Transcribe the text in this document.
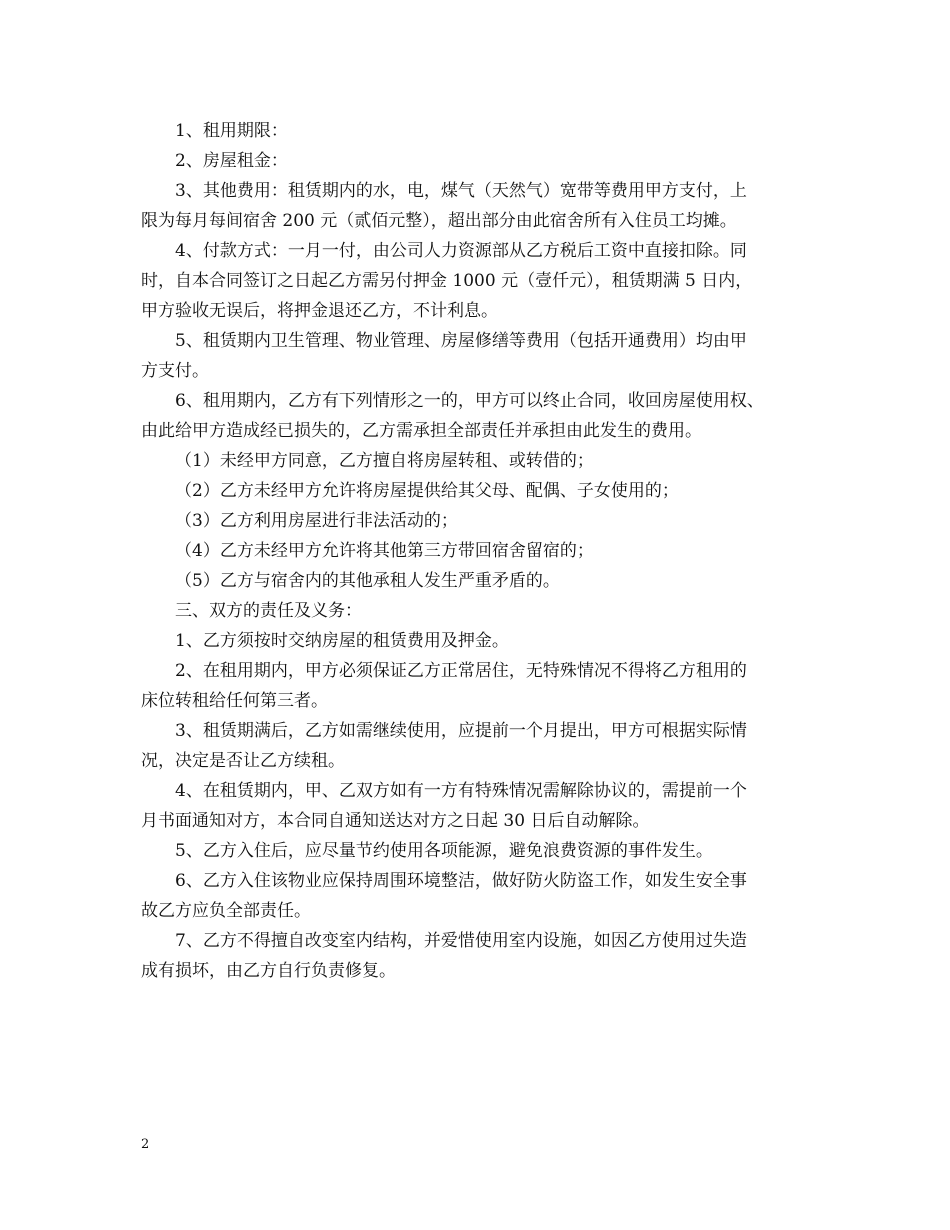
1、租用期限：
2、房屋租金：
3、其他费用：租赁期内的水，电，煤气（天然气）宽带等费用甲方支付，上
限为每月每间宿舍 200 元（贰佰元整），超出部分由此宿舍所有入住员工均摊。
4、付款方式：一月一付，由公司人力资源部从乙方税后工资中直接扣除。同
时，自本合同签订之日起乙方需另付押金 1000 元（壹仟元），租赁期满 5 日内，
甲方验收无误后，将押金退还乙方，不计利息。
5、租赁期内卫生管理、物业管理、房屋修缮等费用（包括开通费用）均由甲
方支付。
6、租用期内，乙方有下列情形之一的，甲方可以终止合同，收回房屋使用权、
由此给甲方造成经已损失的，乙方需承担全部责任并承担由此发生的费用。
（1）未经甲方同意，乙方擅自将房屋转租、或转借的；
（2）乙方未经甲方允许将房屋提供给其父母、配偶、子女使用的；
（3）乙方利用房屋进行非法活动的；
（4）乙方未经甲方允许将其他第三方带回宿舍留宿的；
（5）乙方与宿舍内的其他承租人发生严重矛盾的。
三、双方的责任及义务：
1、乙方须按时交纳房屋的租赁费用及押金。
2、在租用期内，甲方必须保证乙方正常居住，无特殊情况不得将乙方租用的
床位转租给任何第三者。
3、租赁期满后，乙方如需继续使用，应提前一个月提出，甲方可根据实际情
况，决定是否让乙方续租。
4、在租赁期内，甲、乙双方如有一方有特殊情况需解除协议的，需提前一个
月书面通知对方，本合同自通知送达对方之日起 30 日后自动解除。
5、乙方入住后，应尽量节约使用各项能源，避免浪费资源的事件发生。
6、乙方入住该物业应保持周围环境整洁，做好防火防盗工作，如发生安全事
故乙方应负全部责任。
7、乙方不得擅自改变室内结构，并爱惜使用室内设施，如因乙方使用过失造
成有损坏，由乙方自行负责修复。
2
